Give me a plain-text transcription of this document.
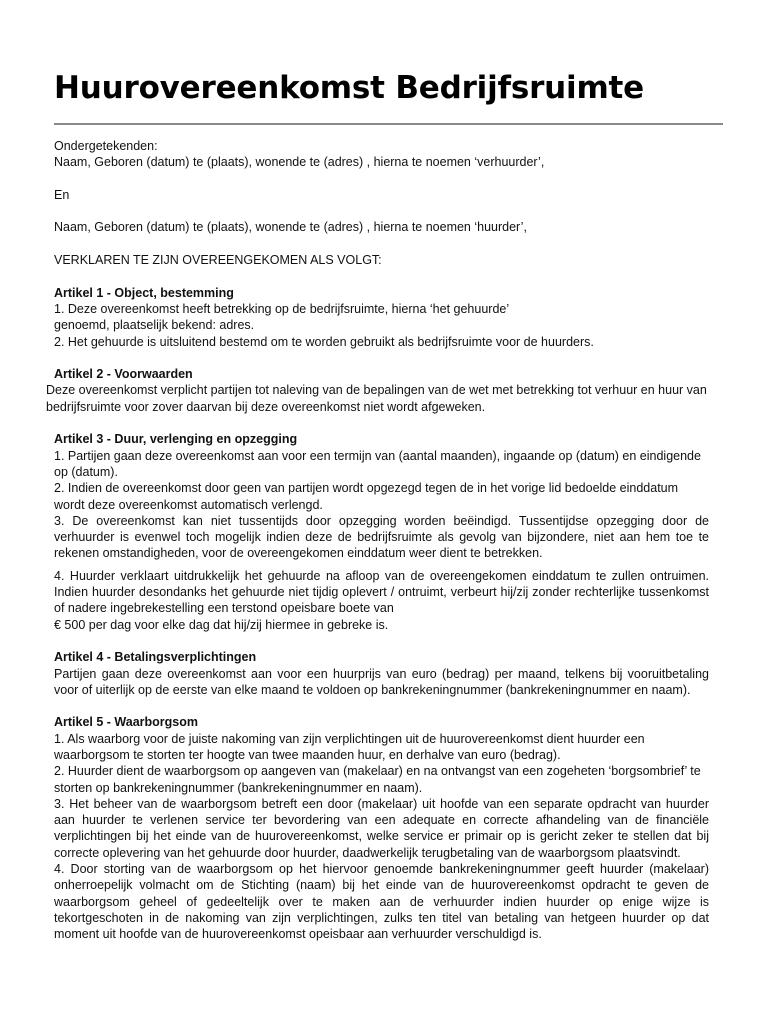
Huurovereenkomst Bedrijfsruimte

Ondergetekenden:

Naam, Geboren (datum) te (plaats), wonende te (adres) , hierna te noemen ‘verhuurder’,

En

Naam, Geboren (datum) te (plaats), wonende te (adres) , hierna te noemen ‘huurder’,

VERKLAREN TE ZIJN OVEREENGEKOMEN ALS VOLGT:

Artikel 1 - Object, bestemming

1. Deze overeenkomst heeft betrekking op de bedrijfsruimte, hierna ‘het gehuurde’

genoemd, plaatselijk bekend: adres.

2. Het gehuurde is uitsluitend bestemd om te worden gebruikt als bedrijfsruimte voor de huurders.

Artikel 2 - Voorwaarden

Deze overeenkomst verplicht partijen tot naleving van de bepalingen van de wet met betrekking tot verhuur en huur van bedrijfsruimte voor zover daarvan bij deze overeenkomst niet wordt afgeweken.

Artikel 3 - Duur, verlenging en opzegging

1. Partijen gaan deze overeenkomst aan voor een termijn van (aantal maanden), ingaande op (datum) en eindigende op (datum).

2. Indien de overeenkomst door geen van partijen wordt opgezegd tegen de in het vorige lid bedoelde einddatum wordt deze overeenkomst automatisch verlengd.

3. De overeenkomst kan niet tussentijds door opzegging worden beëindigd. Tussentijdse opzegging door de verhuurder is evenwel toch mogelijk indien deze de bedrijfsruimte als gevolg van bijzondere, niet aan hem toe te rekenen omstandigheden, voor de overeengekomen einddatum weer dient te betrekken.

4. Huurder verklaart uitdrukkelijk het gehuurde na afloop van de overeengekomen einddatum te zullen ontruimen. Indien huurder desondanks het gehuurde niet tijdig oplevert / ontruimt, verbeurt hij/zij zonder rechterlijke tussenkomst of nadere ingebrekestelling een terstond opeisbare boete van

€ 500 per dag voor elke dag dat hij/zij hiermee in gebreke is.

Artikel 4 - Betalingsverplichtingen

Partijen gaan deze overeenkomst aan voor een huurprijs van euro (bedrag) per maand, telkens bij vooruitbetaling voor of uiterlijk op de eerste van elke maand te voldoen op bankrekeningnummer (bankrekeningnummer en naam).

Artikel 5 - Waarborgsom

1. Als waarborg voor de juiste nakoming van zijn verplichtingen uit de huurovereenkomst dient huurder een waarborgsom te storten ter hoogte van twee maanden huur, en derhalve van euro (bedrag).

2. Huurder dient de waarborgsom op aangeven van (makelaar) en na ontvangst van een zogeheten ‘borgsombrief’ te storten op bankrekeningnummer (bankrekeningnummer en naam).

3. Het beheer van de waarborgsom betreft een door (makelaar) uit hoofde van een separate opdracht van huurder aan huurder te verlenen service ter bevordering van een adequate en correcte afhandeling van de financiële verplichtingen bij het einde van de huurovereenkomst, welke service er primair op is gericht zeker te stellen dat bij correcte oplevering van het gehuurde door huurder, daadwerkelijk terugbetaling van de waarborgsom plaatsvindt.

4. Door storting van de waarborgsom op het hiervoor genoemde bankrekeningnummer geeft huurder (makelaar) onherroepelijk volmacht om de Stichting (naam) bij het einde van de huurovereenkomst opdracht te geven de waarborgsom geheel of gedeeltelijk over te maken aan de verhuurder indien huurder op enige wijze is tekortgeschoten in de nakoming van zijn verplichtingen, zulks ten titel van betaling van hetgeen huurder op dat moment uit hoofde van de huurovereenkomst opeisbaar aan verhuurder verschuldigd is.
